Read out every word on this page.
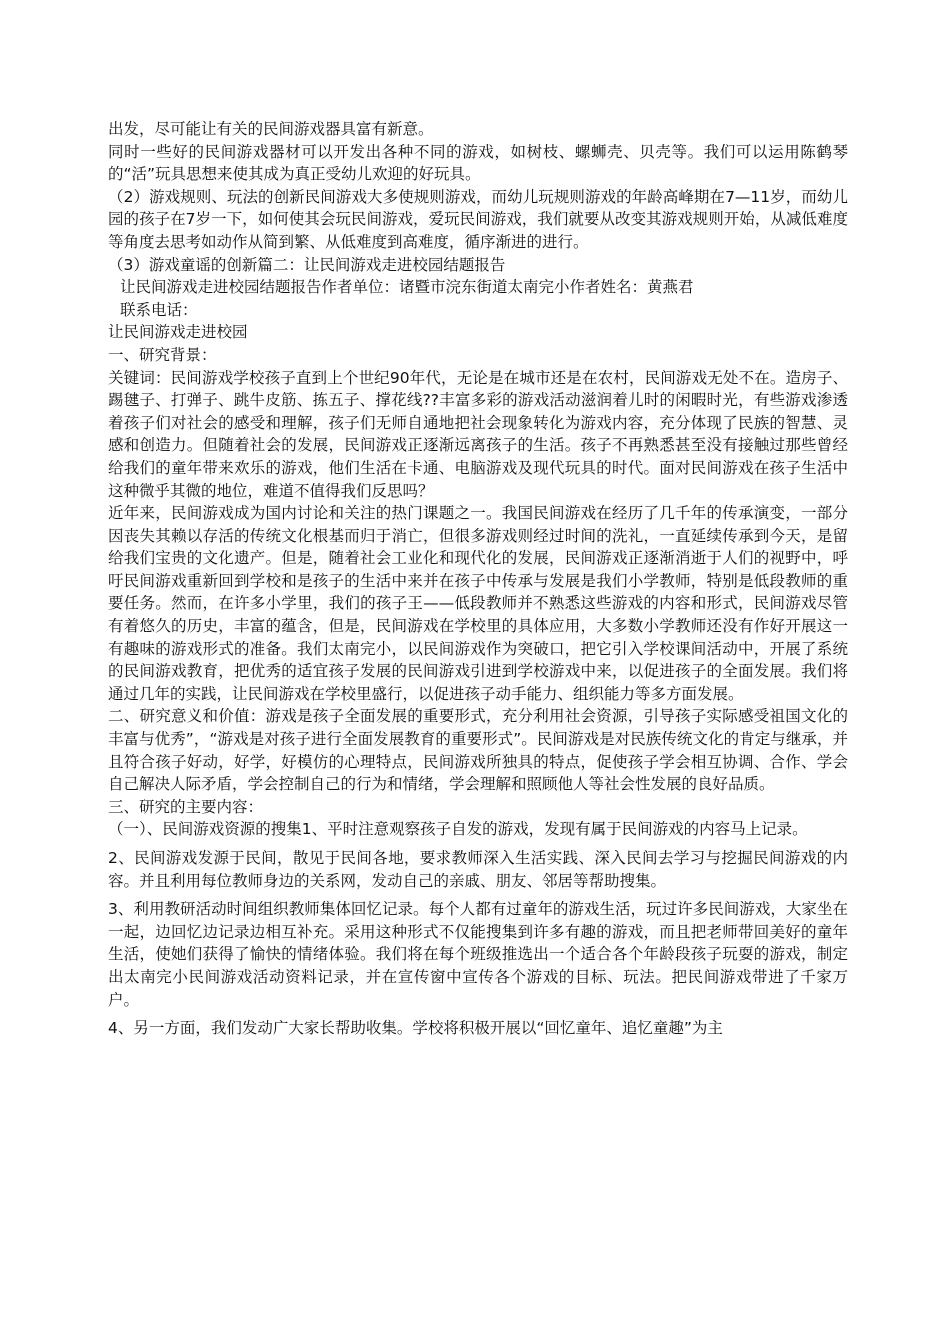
出发，尽可能让有关的民间游戏器具富有新意。

同时一些好的民间游戏器材可以开发出各种不同的游戏，如树枝、螺蛳壳、贝壳等。我们可以运用陈鹤琴的“活”玩具思想来使其成为真正受幼儿欢迎的好玩具。

（2）游戏规则、玩法的创新民间游戏大多使规则游戏，而幼儿玩规则游戏的年龄高峰期在7—11岁，而幼儿园的孩子在7岁一下，如何使其会玩民间游戏，爱玩民间游戏，我们就要从改变其游戏规则开始，从减低难度等角度去思考如动作从简到繁、从低难度到高难度，循序渐进的进行。

（3）游戏童谣的创新篇二：让民间游戏走进校园结题报告

让民间游戏走进校园结题报告作者单位：诸暨市浣东街道太南完小作者姓名：黄燕君

联系电话：

让民间游戏走进校园

一、研究背景：

关键词：民间游戏学校孩子直到上个世纪90年代，无论是在城市还是在农村，民间游戏无处不在。造房子、踢毽子、打弹子、跳牛皮筋、拣五子、撑花线??丰富多彩的游戏活动滋润着儿时的闲暇时光，有些游戏渗透着孩子们对社会的感受和理解，孩子们无师自通地把社会现象转化为游戏内容，充分体现了民族的智慧、灵感和创造力。但随着社会的发展，民间游戏正逐渐远离孩子的生活。孩子不再熟悉甚至没有接触过那些曾经给我们的童年带来欢乐的游戏，他们生活在卡通、电脑游戏及现代玩具的时代。面对民间游戏在孩子生活中这种微乎其微的地位，难道不值得我们反思吗？

近年来，民间游戏成为国内讨论和关注的热门课题之一。我国民间游戏在经历了几千年的传承演变，一部分因丧失其赖以存活的传统文化根基而归于消亡，但很多游戏则经过时间的洗礼，一直延续传承到今天，是留给我们宝贵的文化遗产。但是，随着社会工业化和现代化的发展，民间游戏正逐渐消逝于人们的视野中，呼吁民间游戏重新回到学校和是孩子的生活中来并在孩子中传承与发展是我们小学教师，特别是低段教师的重要任务。然而，在许多小学里，我们的孩子王——低段教师并不熟悉这些游戏的内容和形式，民间游戏尽管有着悠久的历史，丰富的蕴含，但是，民间游戏在学校里的具体应用，大多数小学教师还没有作好开展这一有趣味的游戏形式的准备。我们太南完小，以民间游戏作为突破口，把它引入学校课间活动中，开展了系统的民间游戏教育，把优秀的适宜孩子发展的民间游戏引进到学校游戏中来，以促进孩子的全面发展。我们将通过几年的实践，让民间游戏在学校里盛行，以促进孩子动手能力、组织能力等多方面发展。

二、研究意义和价值：游戏是孩子全面发展的重要形式，充分利用社会资源，引导孩子实际感受祖国文化的丰富与优秀”，“游戏是对孩子进行全面发展教育的重要形式”。民间游戏是对民族传统文化的肯定与继承，并且符合孩子好动，好学，好模仿的心理特点，民间游戏所独具的特点，促使孩子学会相互协调、合作、学会自己解决人际矛盾，学会控制自己的行为和情绪，学会理解和照顾他人等社会性发展的良好品质。

三、研究的主要内容：

（一）、民间游戏资源的搜集1、平时注意观察孩子自发的游戏，发现有属于民间游戏的内容马上记录。

2、民间游戏发源于民间，散见于民间各地，要求教师深入生活实践、深入民间去学习与挖掘民间游戏的内容。并且利用每位教师身边的关系网，发动自己的亲戚、朋友、邻居等帮助搜集。

3、利用教研活动时间组织教师集体回忆记录。每个人都有过童年的游戏生活，玩过许多民间游戏，大家坐在一起，边回忆边记录边相互补充。采用这种形式不仅能搜集到许多有趣的游戏，而且把老师带回美好的童年生活，使她们获得了愉快的情绪体验。我们将在每个班级推选出一个适合各个年龄段孩子玩耍的游戏，制定出太南完小民间游戏活动资料记录，并在宣传窗中宣传各个游戏的目标、玩法。把民间游戏带进了千家万户。

4、另一方面，我们发动广大家长帮助收集。学校将积极开展以“回忆童年、追忆童趣”为主
